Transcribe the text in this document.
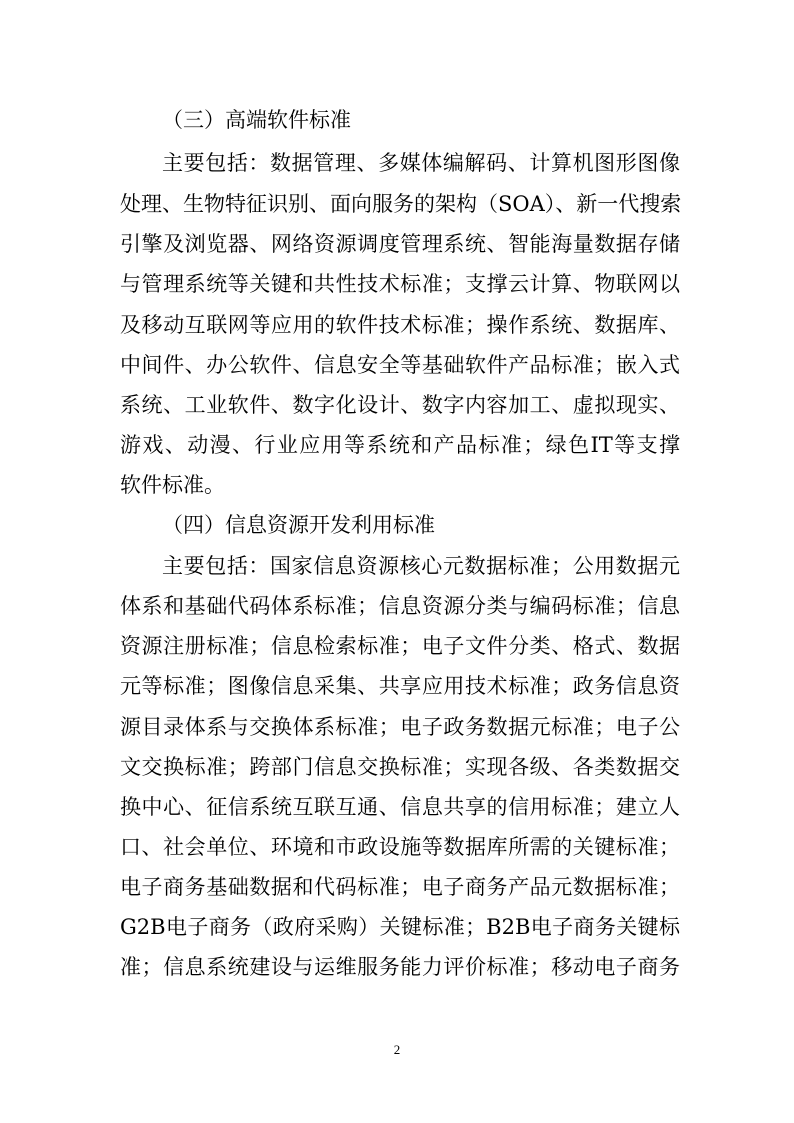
（三）高端软件标准
主要包括：数据管理、多媒体编解码、计算机图形图像
处理、生物特征识别、面向服务的架构（SOA）、新一代搜索
引擎及浏览器、网络资源调度管理系统、智能海量数据存储
与管理系统等关键和共性技术标准；支撑云计算、物联网以
及移动互联网等应用的软件技术标准；操作系统、数据库、
中间件、办公软件、信息安全等基础软件产品标准；嵌入式
系统、工业软件、数字化设计、数字内容加工、虚拟现实、
游戏、动漫、行业应用等系统和产品标准；绿色IT等支撑
软件标准。
（四）信息资源开发利用标准
主要包括：国家信息资源核心元数据标准；公用数据元
体系和基础代码体系标准；信息资源分类与编码标准；信息
资源注册标准；信息检索标准；电子文件分类、格式、数据
元等标准；图像信息采集、共享应用技术标准；政务信息资
源目录体系与交换体系标准；电子政务数据元标准；电子公
文交换标准；跨部门信息交换标准；实现各级、各类数据交
换中心、征信系统互联互通、信息共享的信用标准；建立人
口、社会单位、环境和市政设施等数据库所需的关键标准；
电子商务基础数据和代码标准；电子商务产品元数据标准；
G2B电子商务（政府采购）关键标准；B2B电子商务关键标
准；信息系统建设与运维服务能力评价标准；移动电子商务
2
